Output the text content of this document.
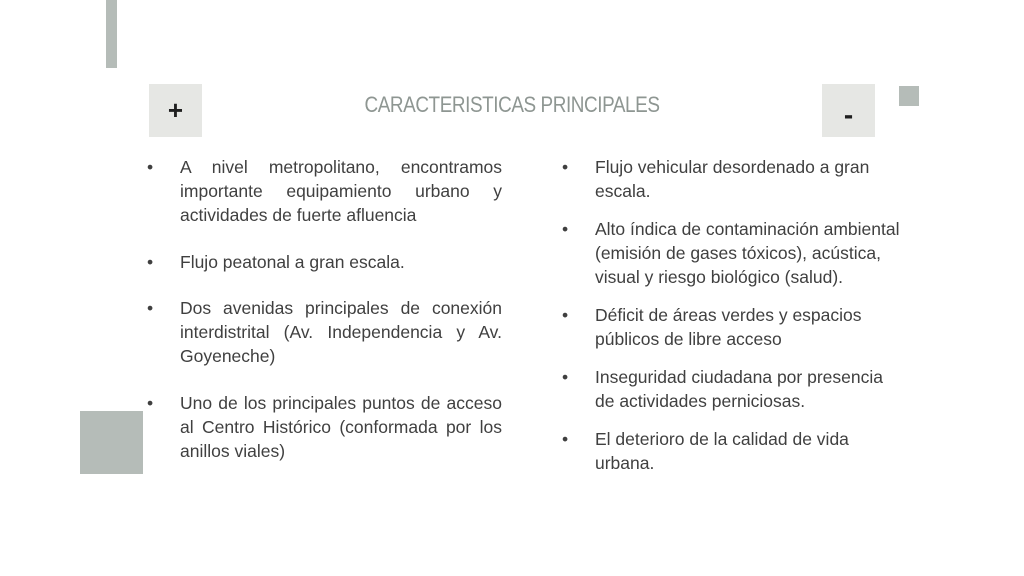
+	CARACTERISTICAS PRINCIPALES	-
• A nivel metropolitano, encontramos importante equipamiento urbano y actividades de fuerte afluencia
• Flujo peatonal a gran escala.
• Dos avenidas principales de conexión interdistrital (Av. Independencia y Av. Goyeneche)
• Uno de los principales puntos de acceso al Centro Histórico (conformada por los anillos viales)
• Flujo vehicular desordenado a gran escala.
• Alto índica de contaminación ambiental (emisión de gases tóxicos), acústica, visual y riesgo biológico (salud).
• Déficit de áreas verdes y espacios públicos de libre acceso
• Inseguridad ciudadana por presencia de actividades perniciosas.
• El deterioro de la calidad de vida urbana.
